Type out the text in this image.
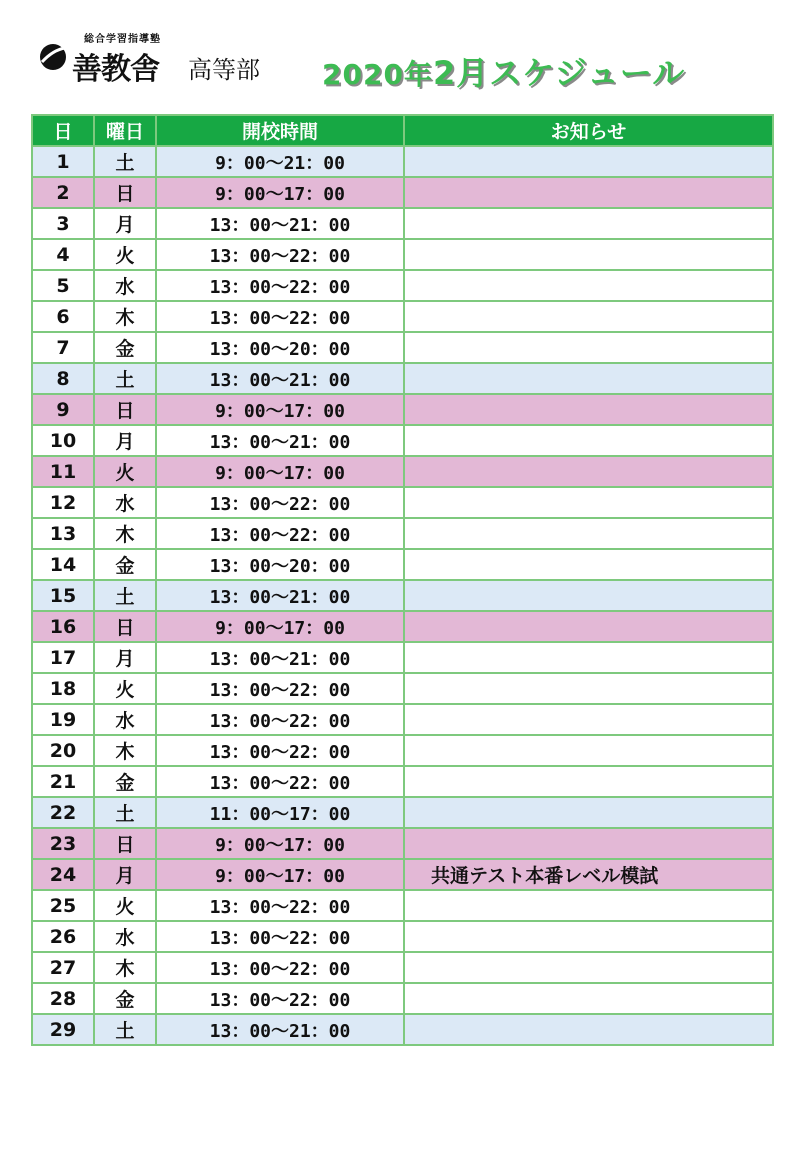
総合学習指導塾
善教舎 高等部 2020年2月スケジュール
日	曜日	開校時間	お知らせ
1	土	9：00～21：00	
2	日	9：00～17：00	
3	月	13：00～21：00	
4	火	13：00～22：00	
5	水	13：00～22：00	
6	木	13：00～22：00	
7	金	13：00～20：00	
8	土	13：00～21：00	
9	日	9：00～17：00	
10	月	13：00～21：00	
11	火	9：00～17：00	
12	水	13：00～22：00	
13	木	13：00～22：00	
14	金	13：00～20：00	
15	土	13：00～21：00	
16	日	9：00～17：00	
17	月	13：00～21：00	
18	火	13：00～22：00	
19	水	13：00～22：00	
20	木	13：00～22：00	
21	金	13：00～22：00	
22	土	11：00～17：00	
23	日	9：00～17：00	
24	月	9：00～17：00	共通テスト本番レベル模試
25	火	13：00～22：00	
26	水	13：00～22：00	
27	木	13：00～22：00	
28	金	13：00～22：00	
29	土	13：00～21：00	
